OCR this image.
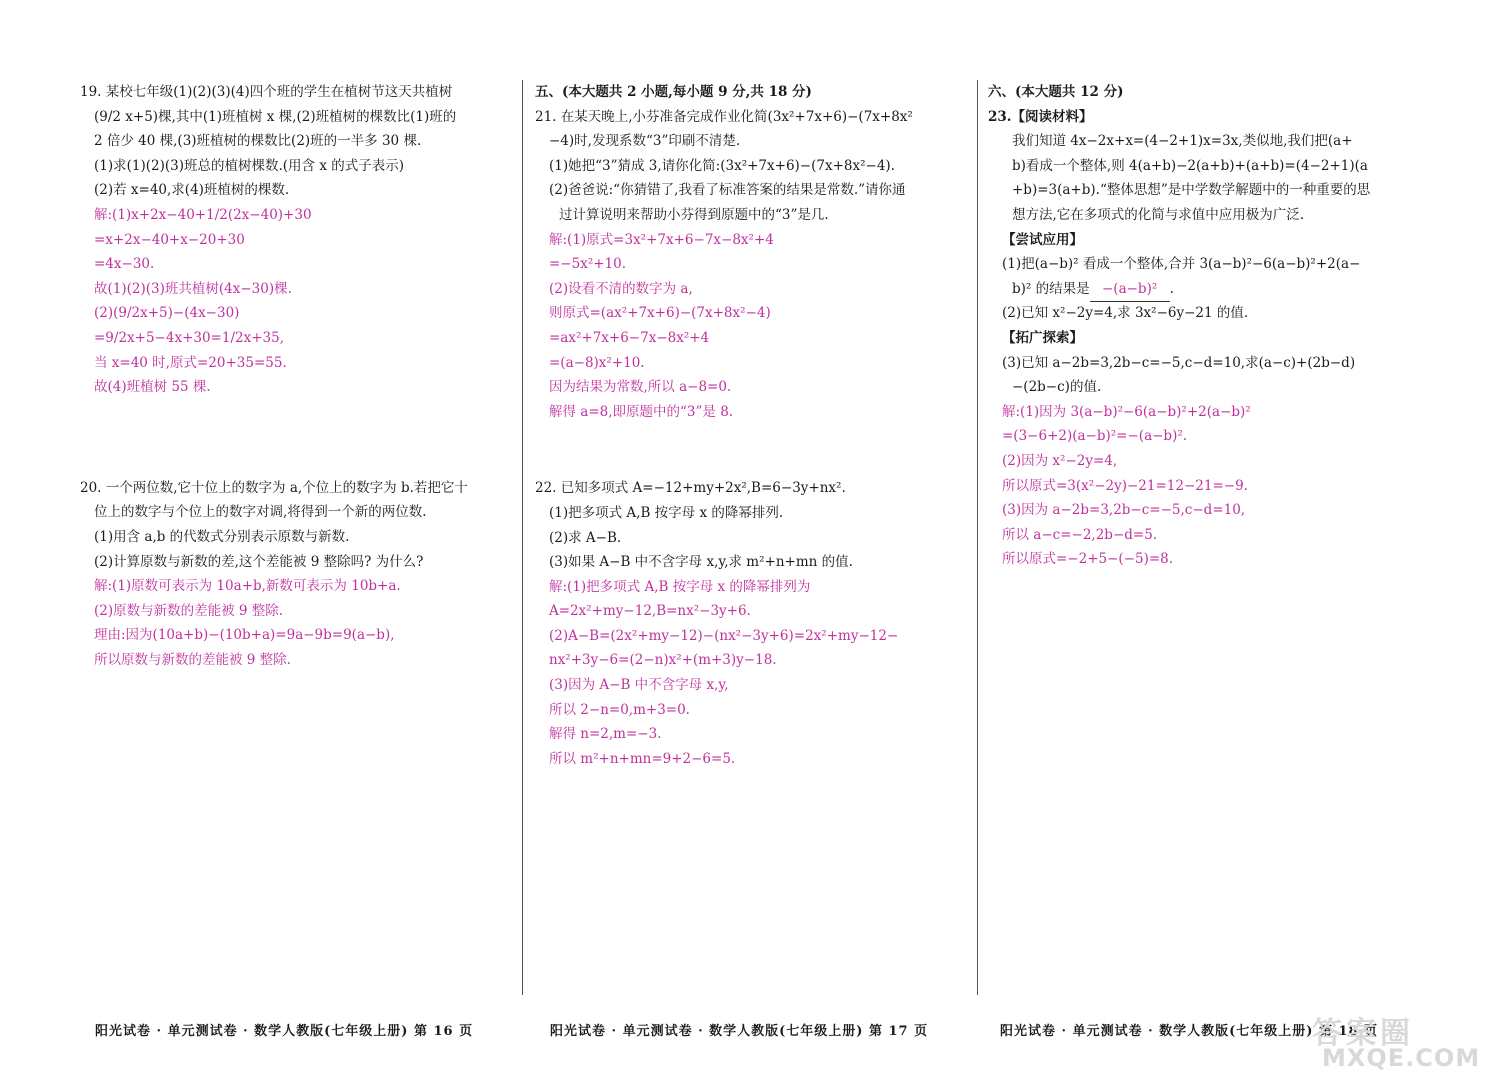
19. 某校七年级(1)(2)(3)(4)四个班的学生在植树节这天共植树
(9/2 x+5)棵,其中(1)班植树 x 棵,(2)班植树的棵数比(1)班的
2 倍少 40 棵,(3)班植树的棵数比(2)班的一半多 30 棵.
(1)求(1)(2)(3)班总的植树棵数.(用含 x 的式子表示)
(2)若 x=40,求(4)班植树的棵数.
解:(1)x+2x−40+1/2(2x−40)+30
=x+2x−40+x−20+30
=4x−30.
故(1)(2)(3)班共植树(4x−30)棵.
(2)(9/2x+5)−(4x−30)
=9/2x+5−4x+30=1/2x+35,
当 x=40 时,原式=20+35=55.
故(4)班植树 55 棵.
20. 一个两位数,它十位上的数字为 a,个位上的数字为 b.若把它十
位上的数字与个位上的数字对调,将得到一个新的两位数.
(1)用含 a,b 的代数式分别表示原数与新数.
(2)计算原数与新数的差,这个差能被 9 整除吗? 为什么?
解:(1)原数可表示为 10a+b,新数可表示为 10b+a.
(2)原数与新数的差能被 9 整除.
理由:因为(10a+b)−(10b+a)=9a−9b=9(a−b),
所以原数与新数的差能被 9 整除.
五、(本大题共 2 小题,每小题 9 分,共 18 分)
21. 在某天晚上,小芬准备完成作业化简(3x²+7x+6)−(7x+8x²
−4)时,发现系数“3”印刷不清楚.
(1)她把“3”猜成 3,请你化简:(3x²+7x+6)−(7x+8x²−4).
(2)爸爸说:“你猜错了,我看了标准答案的结果是常数.”请你通
过计算说明来帮助小芬得到原题中的“3”是几.
解:(1)原式=3x²+7x+6−7x−8x²+4
=−5x²+10.
(2)设看不清的数字为 a,
则原式=(ax²+7x+6)−(7x+8x²−4)
=ax²+7x+6−7x−8x²+4
=(a−8)x²+10.
因为结果为常数,所以 a−8=0.
解得 a=8,即原题中的“3”是 8.
22. 已知多项式 A=−12+my+2x²,B=6−3y+nx².
(1)把多项式 A,B 按字母 x 的降幂排列.
(2)求 A−B.
(3)如果 A−B 中不含字母 x,y,求 m²+n+mn 的值.
解:(1)把多项式 A,B 按字母 x 的降幂排列为
A=2x²+my−12,B=nx²−3y+6.
(2)A−B=(2x²+my−12)−(nx²−3y+6)=2x²+my−12−
nx²+3y−6=(2−n)x²+(m+3)y−18.
(3)因为 A−B 中不含字母 x,y,
所以 2−n=0,m+3=0.
解得 n=2,m=−3.
所以 m²+n+mn=9+2−6=5.
六、(本大题共 12 分)
23.【阅读材料】
我们知道 4x−2x+x=(4−2+1)x=3x,类似地,我们把(a+
b)看成一个整体,则 4(a+b)−2(a+b)+(a+b)=(4−2+1)(a
+b)=3(a+b).“整体思想”是中学数学解题中的一种重要的思
想方法,它在多项式的化简与求值中应用极为广泛.
【尝试应用】
(1)把(a−b)² 看成一个整体,合并 3(a−b)²−6(a−b)²+2(a−
b)² 的结果是 −(a−b)² .
(2)已知 x²−2y=4,求 3x²−6y−21 的值.
【拓广探索】
(3)已知 a−2b=3,2b−c=−5,c−d=10,求(a−c)+(2b−d)
−(2b−c)的值.
解:(1)因为 3(a−b)²−6(a−b)²+2(a−b)²
=(3−6+2)(a−b)²=−(a−b)².
(2)因为 x²−2y=4,
所以原式=3(x²−2y)−21=12−21=−9.
(3)因为 a−2b=3,2b−c=−5,c−d=10,
所以 a−c=−2,2b−d=5.
所以原式=−2+5−(−5)=8.
阳光试卷 · 单元测试卷 · 数学人教版(七年级上册) 第 16 页	阳光试卷 · 单元测试卷 · 数学人教版(七年级上册) 第 17 页	阳光试卷 · 单元测试卷 · 数学人教版(七年级上册) 第 18 页
答案圈
MXQE.COM
